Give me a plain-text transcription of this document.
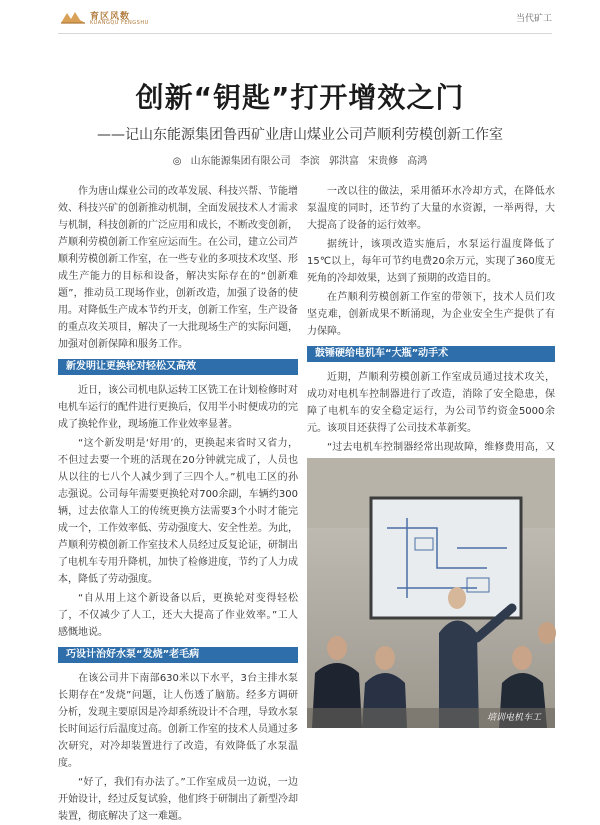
育区风数
KUANGQU FENGSHU	当代矿工
创新“钥匙”打开增效之门
——记山东能源集团鲁西矿业唐山煤业公司芦顺利劳模创新工作室
◎ 山东能源集团有限公司 李滨 郭洪富 宋贵修 高鸿

作为唐山煤业公司的改革发展、科技兴帮、节能增效、科技兴矿的创新推动机制，全面发展技术人才需求与机制，科技创新的广泛应用和成长，不断改变创新，芦顺利劳模创新工作室应运而生。在公司，建立公司芦顺利劳模创新工作室，在一些专业的多项技术攻坚、形成生产能力的目标和设备，解决实际存在的“创新难题”，推动员工现场作业，创新改造，加强了设备的使用。对降低生产成本节约开支，创新工作室，生产设备的重点攻关项目，解决了一大批现场生产的实际问题，加强对创新保障和服务工作。

新发明让更换轮对轻松又高效

近日，该公司机电队运转工区铣工在计划检修时对电机车运行的配件进行更换后，仅用半小时便成功的完成了换轮作业，现场施工作业效率显著。

“这个新发明是‘好用’的，更换起来省时又省力，不但过去要一个班的活现在20分钟就完成了，人员也从以往的七八个人减少到了三四个人。”机电工区的孙志强说。公司每年需要更换轮对700余副，车辆约300辆，过去依靠人工的传统更换方法需要3个小时才能完成一个，工作效率低、劳动强度大、安全性差。为此，芦顺利劳模创新工作室技术人员经过反复论证，研制出了电机车专用升降机，加快了检修进度，节约了人力成本，降低了劳动强度。

“自从用上这个新设备以后，更换轮对变得轻松了，不仅减少了人工，还大大提高了作业效率。”工人感慨地说。

巧设计治好水泵“发烧”老毛病

在该公司井下南部630米以下水平，3台主排水泵长期存在“发烧”问题，让人伤透了脑筋。经多方调研分析，发现主要原因是冷却系统设计不合理，导致水泵长时间运行后温度过高。创新工作室的技术人员通过多次研究，对冷却装置进行了改造，有效降低了水泵温度。

“好了，我们有办法了。”工作室成员一边说，一边开始设计，经过反复试验，他们终于研制出了新型冷却装置，彻底解决了这一难题。

一改以往的做法，采用循环水冷却方式，在降低水泵温度的同时，还节约了大量的水资源，一举两得，大大提高了设备的运行效率。

据统计，该项改造实施后，水泵运行温度降低了15℃以上，每年可节约电费20余万元，实现了360度无死角的冷却效果，达到了预期的改造目的。

在芦顺利劳模创新工作室的带领下，技术人员们攻坚克难，创新成果不断涌现，为企业安全生产提供了有力保障。

鼓锤硬给电机车“大瓶”动手术

近期，芦顺利劳模创新工作室成员通过技术攻关，成功对电机车控制器进行了改造，消除了安全隐患，保障了电机车的安全稳定运行，为公司节约资金5000余元。该项目还获得了公司技术革新奖。

“过去电机车控制器经常出现故障，维修费用高，又

培训电机车工
